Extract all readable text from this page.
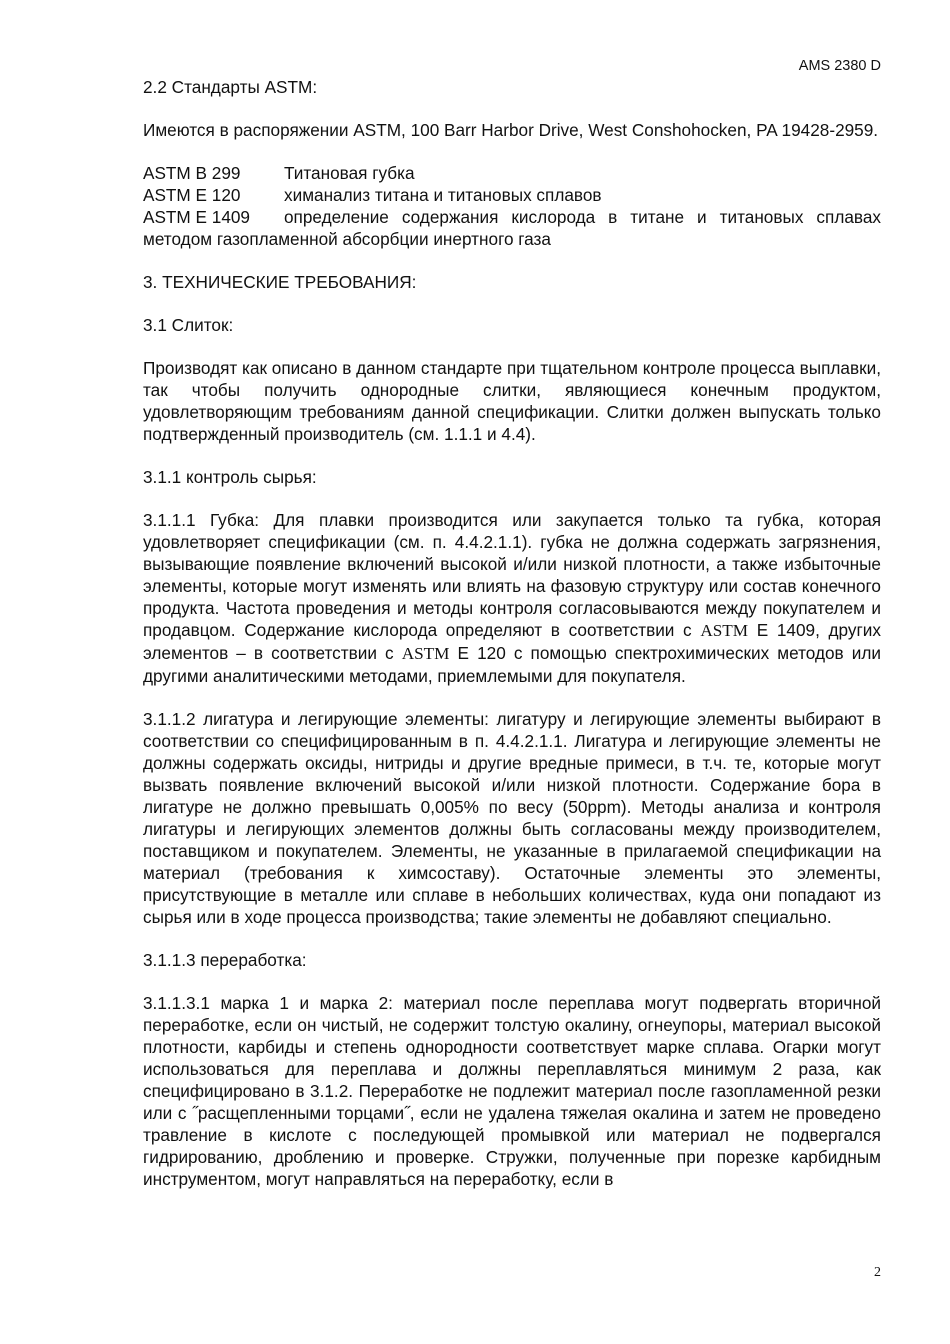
AMS 2380 D

2.2 Стандарты ASTM:

Имеются в распоряжении ASTM, 100 Barr Harbor Drive, West Conshohocken, PA 19428-2959.

ASTM B 299	Титановая губка
ASTM E 120	химанализ титана и титановых сплавов
ASTM E 1409 определение содержания кислорода в титане и титановых сплавах методом газопламенной абсорбции инертного газа

3. ТЕХНИЧЕСКИЕ ТРЕБОВАНИЯ:

3.1 Слиток:

Производят как описано в данном стандарте при тщательном контроле процесса выплавки, так чтобы получить однородные слитки, являющиеся конечным продуктом, удовлетворяющим требованиям данной спецификации. Слитки должен выпускать только подтвержденный производитель (см. 1.1.1 и 4.4).

3.1.1 контроль сырья:

3.1.1.1 Губка: Для плавки производится или закупается только та губка, которая удовлетворяет спецификации (см. п. 4.4.2.1.1). губка не должна содержать загрязнения, вызывающие появление включений высокой и/или низкой плотности, а также избыточные элементы, которые могут изменять или влиять на фазовую структуру или состав конечного продукта. Частота проведения и методы контроля согласовываются между покупателем и продавцом. Содержание кислорода определяют в соответствии с ASTM E 1409, других элементов – в соответствии с ASTM E 120 с помощью спектрохимических методов или другими аналитическими методами, приемлемыми для покупателя.

3.1.1.2 лигатура и легирующие элементы: лигатуру и легирующие элементы выбирают в соответствии со специфицированным в п. 4.4.2.1.1. Лигатура и легирующие элементы не должны содержать оксиды, нитриды и другие вредные примеси, в т.ч. те, которые могут вызвать появление включений высокой и/или низкой плотности. Содержание бора в лигатуре не должно превышать 0,005% по весу (50ppm). Методы анализа и контроля лигатуры и легирующих элементов должны быть согласованы между производителем, поставщиком и покупателем. Элементы, не указанные в прилагаемой спецификации на материал (требования к химсоставу). Остаточные элементы это элементы, присутствующие в металле или сплаве в небольших количествах, куда они попадают из сырья или в ходе процесса производства; такие элементы не добавляют специально.

3.1.1.3 переработка:

3.1.1.3.1 марка 1 и марка 2: материал после переплава могут подвергать вторичной переработке, если он чистый, не содержит толстую окалину, огнеупоры, материал высокой плотности, карбиды и степень однородности соответствует марке сплава. Огарки могут использоваться для переплава и должны переплавляться минимум 2 раза, как специфицировано в 3.1.2. Переработке не подлежит материал после газопламенной резки или с ˝расщепленными торцами˝, если не удалена тяжелая окалина и затем не проведено травление в кислоте с последующей промывкой или материал не подвергался гидрированию, дроблению и проверке. Стружки, полученные при порезке карбидным инструментом, могут направляться на переработку, если в

2
